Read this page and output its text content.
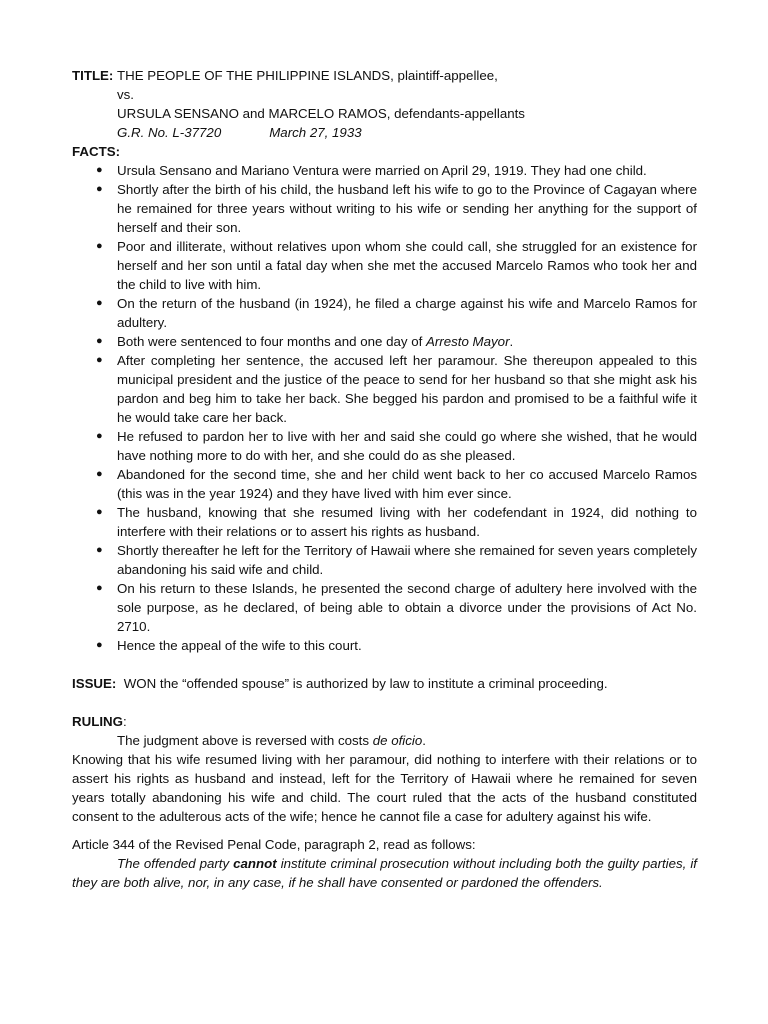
TITLE: THE PEOPLE OF THE PHILIPPINE ISLANDS, plaintiff-appellee,
vs.
URSULA SENSANO and MARCELO RAMOS, defendants-appellants
G.R. No. L-37720	March 27, 1933
FACTS:
● Ursula Sensano and Mariano Ventura were married on April 29, 1919. They had one child.
● Shortly after the birth of his child, the husband left his wife to go to the Province of Cagayan where he remained for three years without writing to his wife or sending her anything for the support of herself and their son.
● Poor and illiterate, without relatives upon whom she could call, she struggled for an existence for herself and her son until a fatal day when she met the accused Marcelo Ramos who took her and the child to live with him.
● On the return of the husband (in 1924), he filed a charge against his wife and Marcelo Ramos for adultery.
● Both were sentenced to four months and one day of Arresto Mayor.
● After completing her sentence, the accused left her paramour. She thereupon appealed to this municipal president and the justice of the peace to send for her husband so that she might ask his pardon and beg him to take her back. She begged his pardon and promised to be a faithful wife it he would take care her back.
● He refused to pardon her to live with her and said she could go where she wished, that he would have nothing more to do with her, and she could do as she pleased.
● Abandoned for the second time, she and her child went back to her co accused Marcelo Ramos (this was in the year 1924) and they have lived with him ever since.
● The husband, knowing that she resumed living with her codefendant in 1924, did nothing to interfere with their relations or to assert his rights as husband.
● Shortly thereafter he left for the Territory of Hawaii where she remained for seven years completely abandoning his said wife and child.
● On his return to these Islands, he presented the second charge of adultery here involved with the sole purpose, as he declared, of being able to obtain a divorce under the provisions of Act No. 2710.
● Hence the appeal of the wife to this court.
ISSUE: WON the “offended spouse” is authorized by law to institute a criminal proceeding.
RULING:
The judgment above is reversed with costs de oficio.
Knowing that his wife resumed living with her paramour, did nothing to interfere with their relations or to assert his rights as husband and instead, left for the Territory of Hawaii where he remained for seven years totally abandoning his wife and child. The court ruled that the acts of the husband constituted consent to the adulterous acts of the wife; hence he cannot file a case for adultery against his wife.
Article 344 of the Revised Penal Code, paragraph 2, read as follows:
The offended party cannot institute criminal prosecution without including both the guilty parties, if they are both alive, nor, in any case, if he shall have consented or pardoned the offenders.
